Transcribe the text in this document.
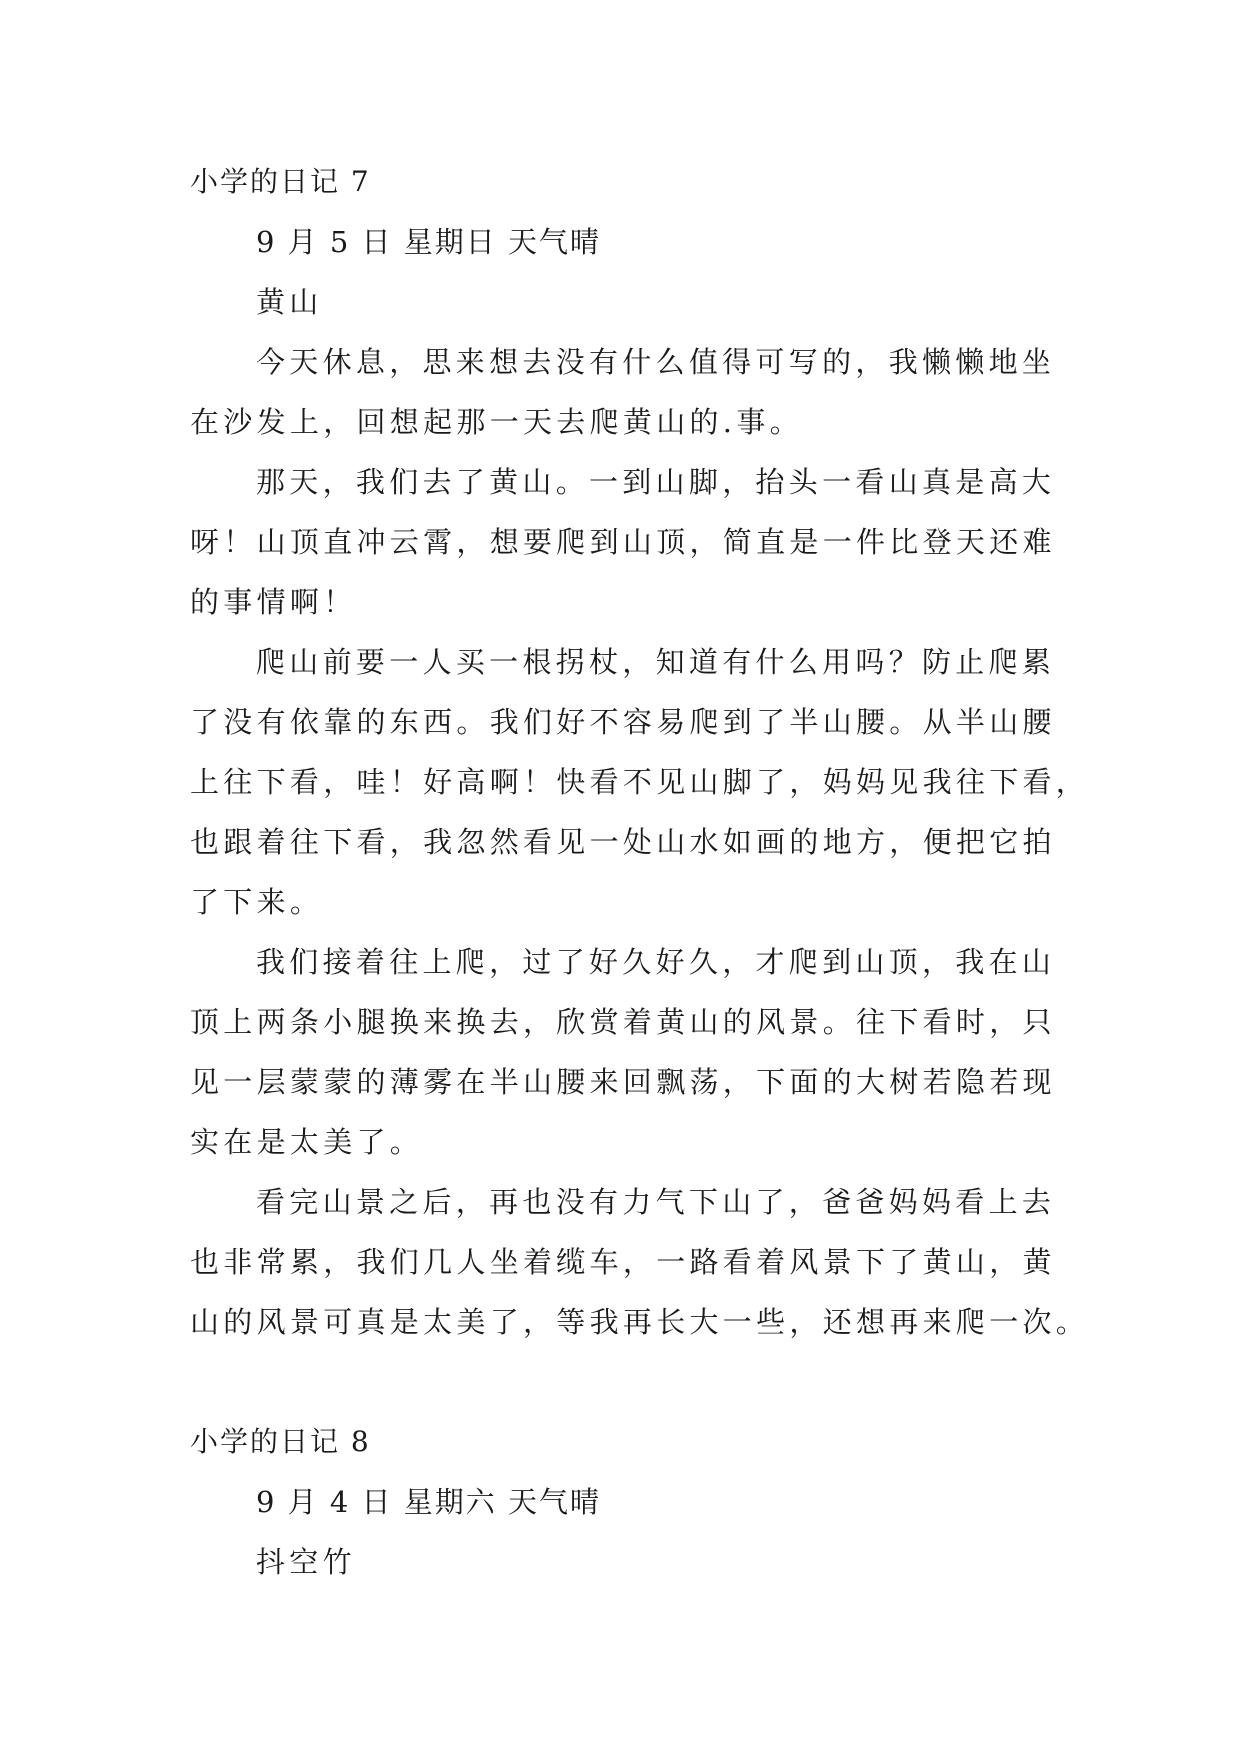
小学的日记 7

9 月 5 日 星期日 天气晴

黄山

今天休息，思来想去没有什么值得可写的，我懒懒地坐

在沙发上，回想起那一天去爬黄山的.事。

那天，我们去了黄山。一到山脚，抬头一看山真是高大

呀！山顶直冲云霄，想要爬到山顶，简直是一件比登天还难

的事情啊！

爬山前要一人买一根拐杖，知道有什么用吗？防止爬累

了没有依靠的东西。我们好不容易爬到了半山腰。从半山腰

上往下看，哇！好高啊！快看不见山脚了，妈妈见我往下看，

也跟着往下看，我忽然看见一处山水如画的地方，便把它拍

了下来。

我们接着往上爬，过了好久好久，才爬到山顶，我在山

顶上两条小腿换来换去，欣赏着黄山的风景。往下看时，只

见一层蒙蒙的薄雾在半山腰来回飘荡，下面的大树若隐若现

实在是太美了。

看完山景之后，再也没有力气下山了，爸爸妈妈看上去

也非常累，我们几人坐着缆车，一路看着风景下了黄山，黄

山的风景可真是太美了，等我再长大一些，还想再来爬一次。

小学的日记 8

9 月 4 日 星期六 天气晴

抖空竹
